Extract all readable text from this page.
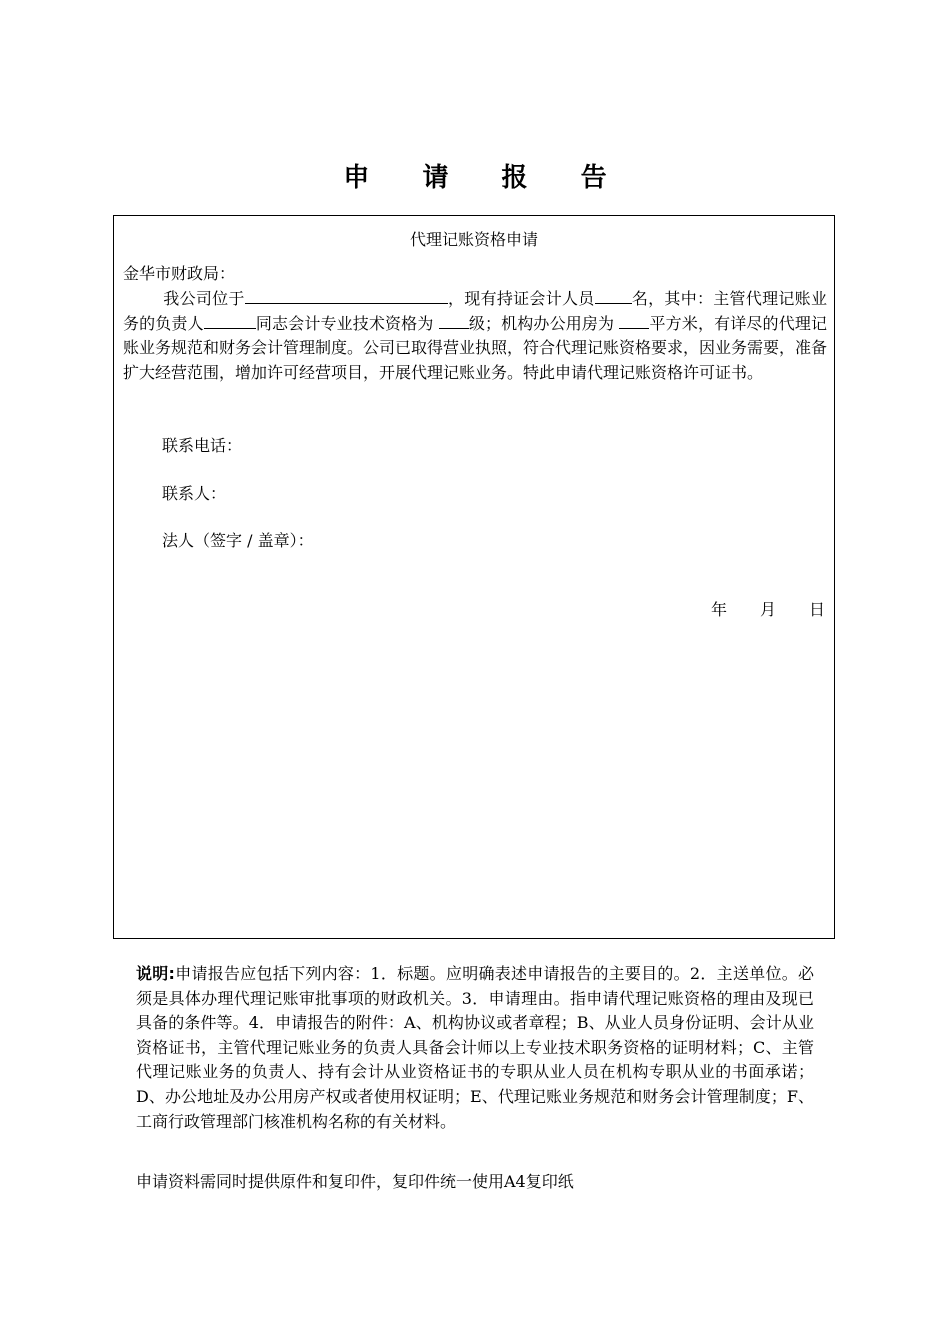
申 请 报 告
代理记账资格申请
金华市财政局：
我公司位于	，现有持证会计人员 名，其中：主管代理记账业务的负责人	同志会计专业技术资格为 级；机构办公用房为 平方米，有详尽的代理记账业务规范和财务会计管理制度。公司已取得营业执照，符合代理记账资格要求，因业务需要，准备扩大经营范围，增加许可经营项目，开展代理记账业务。特此申请代理记账资格许可证书。
联系电话：
联系人：
法人（签字 / 盖章）：
年 月 日
说明:申请报告应包括下列内容：1．标题。应明确表述申请报告的主要目的。2．主送单位。必须是具体办理代理记账审批事项的财政机关。3．申请理由。指申请代理记账资格的理由及现已具备的条件等。4．申请报告的附件：A、机构协议或者章程；B、从业人员身份证明、会计从业资格证书，主管代理记账业务的负责人具备会计师以上专业技术职务资格的证明材料；C、主管代理记账业务的负责人、持有会计从业资格证书的专职从业人员在机构专职从业的书面承诺；D、办公地址及办公用房产权或者使用权证明；E、代理记账业务规范和财务会计管理制度；F、工商行政管理部门核准机构名称的有关材料。
申请资料需同时提供原件和复印件，复印件统一使用A4复印纸
